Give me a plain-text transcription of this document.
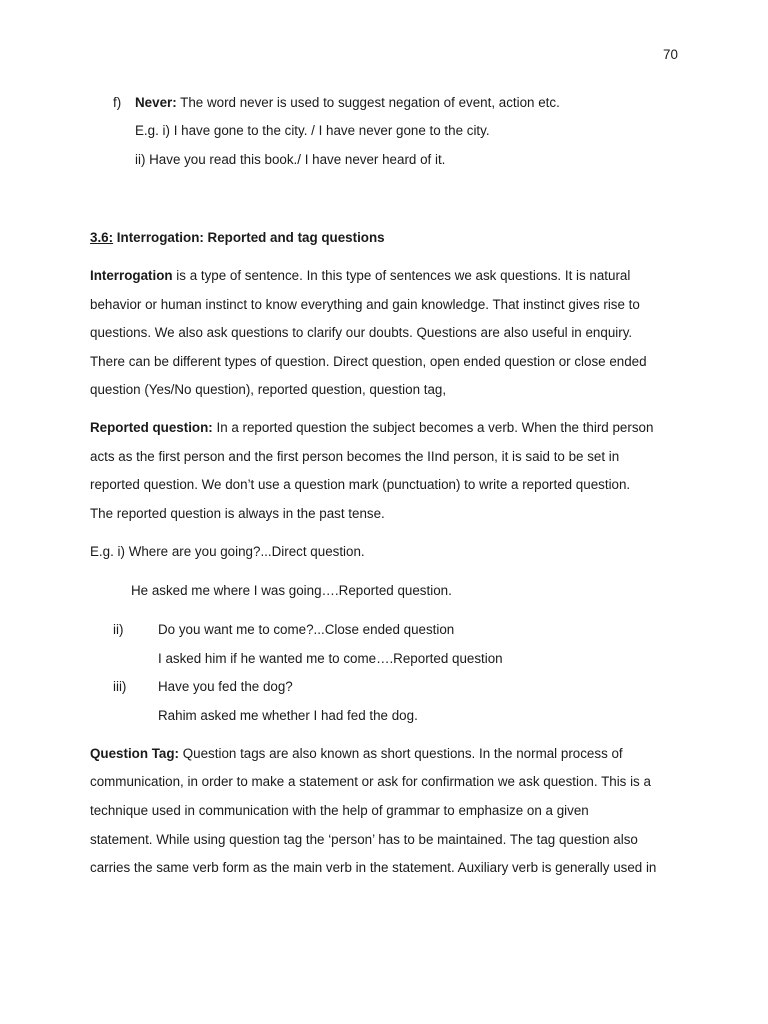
70
f) Never: The word never is used to suggest negation of event, action etc.
E.g. i) I have gone to the city. / I have never gone to the city.
ii) Have you read this book./ I have never heard of it.
3.6: Interrogation: Reported and tag questions
Interrogation is a type of sentence. In this type of sentences we ask questions. It is natural
behavior or human instinct to know everything and gain knowledge. That instinct gives rise to
questions. We also ask questions to clarify our doubts. Questions are also useful in enquiry.
There can be different types of question. Direct question, open ended question or close ended
question (Yes/No question), reported question, question tag,
Reported question: In a reported question the subject becomes a verb. When the third person
acts as the first person and the first person becomes the IInd person, it is said to be set in
reported question. We don’t use a question mark (punctuation) to write a reported question.
The reported question is always in the past tense.
E.g. i) Where are you going?...Direct question.
He asked me where I was going….Reported question.
ii)	Do you want me to come?...Close ended question
I asked him if he wanted me to come….Reported question
iii) Have you fed the dog?
Rahim asked me whether I had fed the dog.
Question Tag: Question tags are also known as short questions. In the normal process of
communication, in order to make a statement or ask for confirmation we ask question. This is a
technique used in communication with the help of grammar to emphasize on a given
statement. While using question tag the ‘person’ has to be maintained. The tag question also
carries the same verb form as the main verb in the statement. Auxiliary verb is generally used in
